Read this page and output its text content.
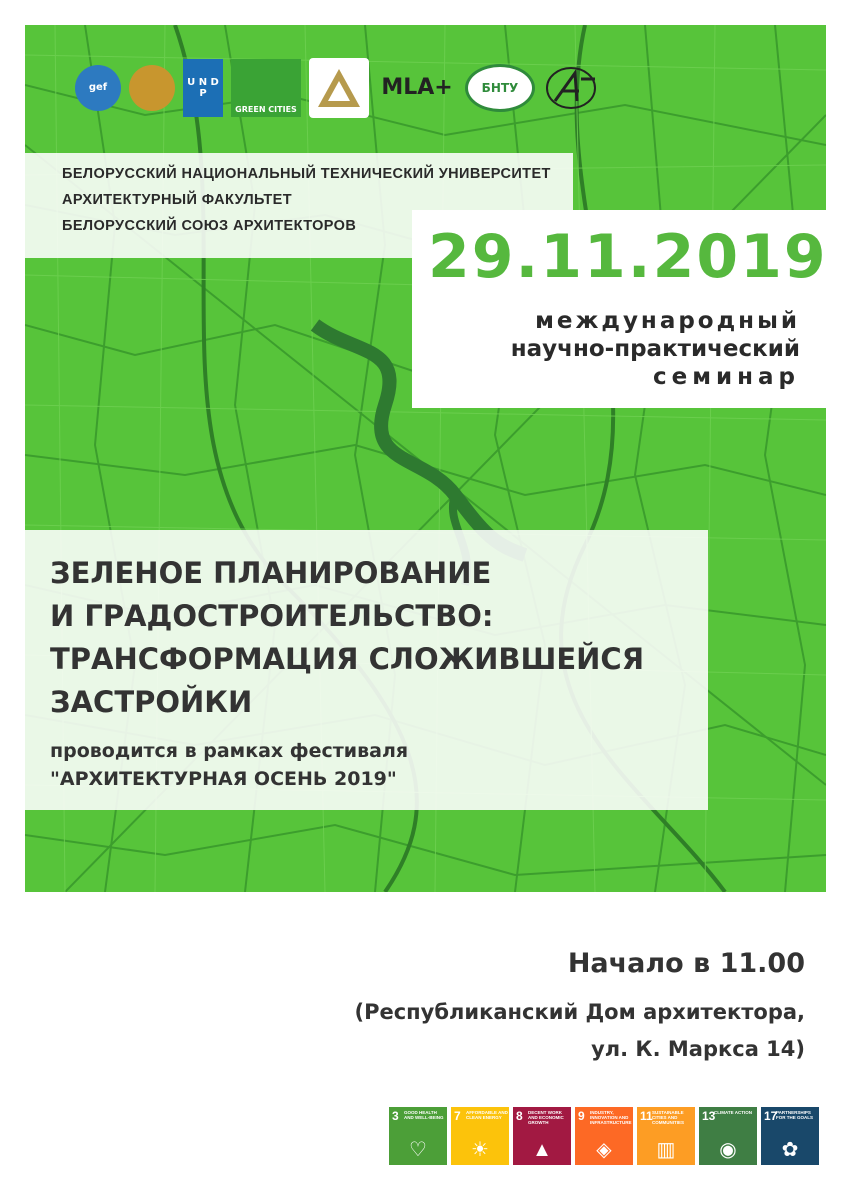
gef	U N D P
GREEN CITIES
MLA+ БНТУ
БЕЛОРУССКИЙ НАЦИОНАЛЬНЫЙ ТЕХНИЧЕСКИЙ УНИВЕРСИТЕТ
АРХИТЕКТУРНЫЙ ФАКУЛЬТЕТ
БЕЛОРУССКИЙ СОЮЗ АРХИТЕКТОРОВ 29.11.2019
международный
научно-практический
семинар
ЗЕЛЕНОЕ ПЛАНИРОВАНИЕ
И ГРАДОСТРОИТЕЛЬСТВО:
ТРАНСФОРМАЦИЯ СЛОЖИВШЕЙСЯ
ЗАСТРОЙКИ
проводится в рамках фестиваля
"АРХИТЕКТУРНАЯ ОСЕНЬ 2019"
Начало в 11.00
(Республиканский Дом архитектора,
ул. К. Маркса 14)
3 GOOD HEALTH AND WELL-BEING
♡
7 AFFORDABLE AND CLEAN ENERGY
☀
8 DECENT WORK AND ECONOMIC GROWTH
▲
9 INDUSTRY, INNOVATION AND INFRASTRUCTURE
◈
11 SUSTAINABLE CITIES AND COMMUNITIES
▥
13
CLIMATE ACTION
◉
17
PARTNERSHIPS FOR THE GOALS
✿
